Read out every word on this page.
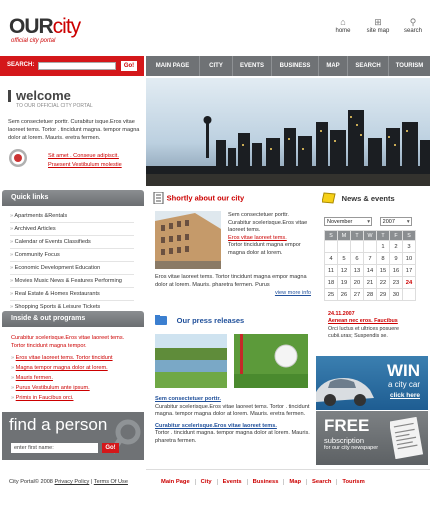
OURcity
official city portal
⌂
home
⊞
site map
⚲
search
SEARCH:	Go!	MAIN PAGE	CITY	EVENTS	BUSINESS	MAP	SEARCH	TOURISM
welcome
TO OUR OFFICIAL CITY PORTAL
Sem consectetuer porttr. Curabitur isque.Eros vitae laoreet tems. Tortor . tincidunt magna. tempor magna dolor at lorem. Mauris. eretra fermen.
Sit amet . Conseue adipiscit.
Praesent Vestibulum molestie
Quick links
» Apartments &Rentals
» Archived Articles
» Calendar of Events Classifieds
» Community Focus
» Economic Development Education
» Movies Music News & Features Performing
» Real Estate & Homes Restaurants
» Shopping Sports & Leisure Tickets
Inside & out programs
Curabitur scelerisque.Eros vitae laoreet tems. Tortor tincidunt magna tempor.
» Eros vitae laoreet tems. Tortor tincidunt
» Magna tempor magna dolor at lorem.
» Mauris fermen.
» Purus Vestibulum ante ipsum.
» Primis in Faucibus orci.
find a person
enter first name:	Go!
Shortly about our city
Sem consectetuer porttr. Curabitur scelerisque.Eros vitae laoreet tems.
Eros vitae laoreet tems.
Tortor tincidunt magna empor magna dolor at lorem.
Eros vitae laoreet tems. Tortor tincidunt magna empor magna dolor at lorem. Mauris. pharetra fermen. Purus
view more info
Our press releases
Sem consectetuer porttr.
Curabitur scelerisque.Eros vitae laoreet tems. Tortor . tincidunt magna. tempor magna dolor at lorem. Mauris. eretra fermen.
Curabitur scelerisque.Eros vitae laoreet tems.
Tortor . tincidunt magna. tempor magna dolor at lorem. Mauris. pharetra fermen.
News & events
November	▾ 2007 ▾
S	M	T	W	T	F	S
				1	2	3
4	5	6	7	8	9	10
11	12	13	14	15	16	17
18	19	20	21	22	23	24
25	26	27	28	29	30	
24.11.2007
Aenean nec eros. Faucibus
Orci luctus et ultrices posuere cubii.uras; Suspendis se.
WIN
a city car
click here
FREE
subscription
for our city newspaper
City Portal© 2008 Privacy Policy | Terms Of Use	Main Page	City	Events	Business	Map	Search	Tourism
